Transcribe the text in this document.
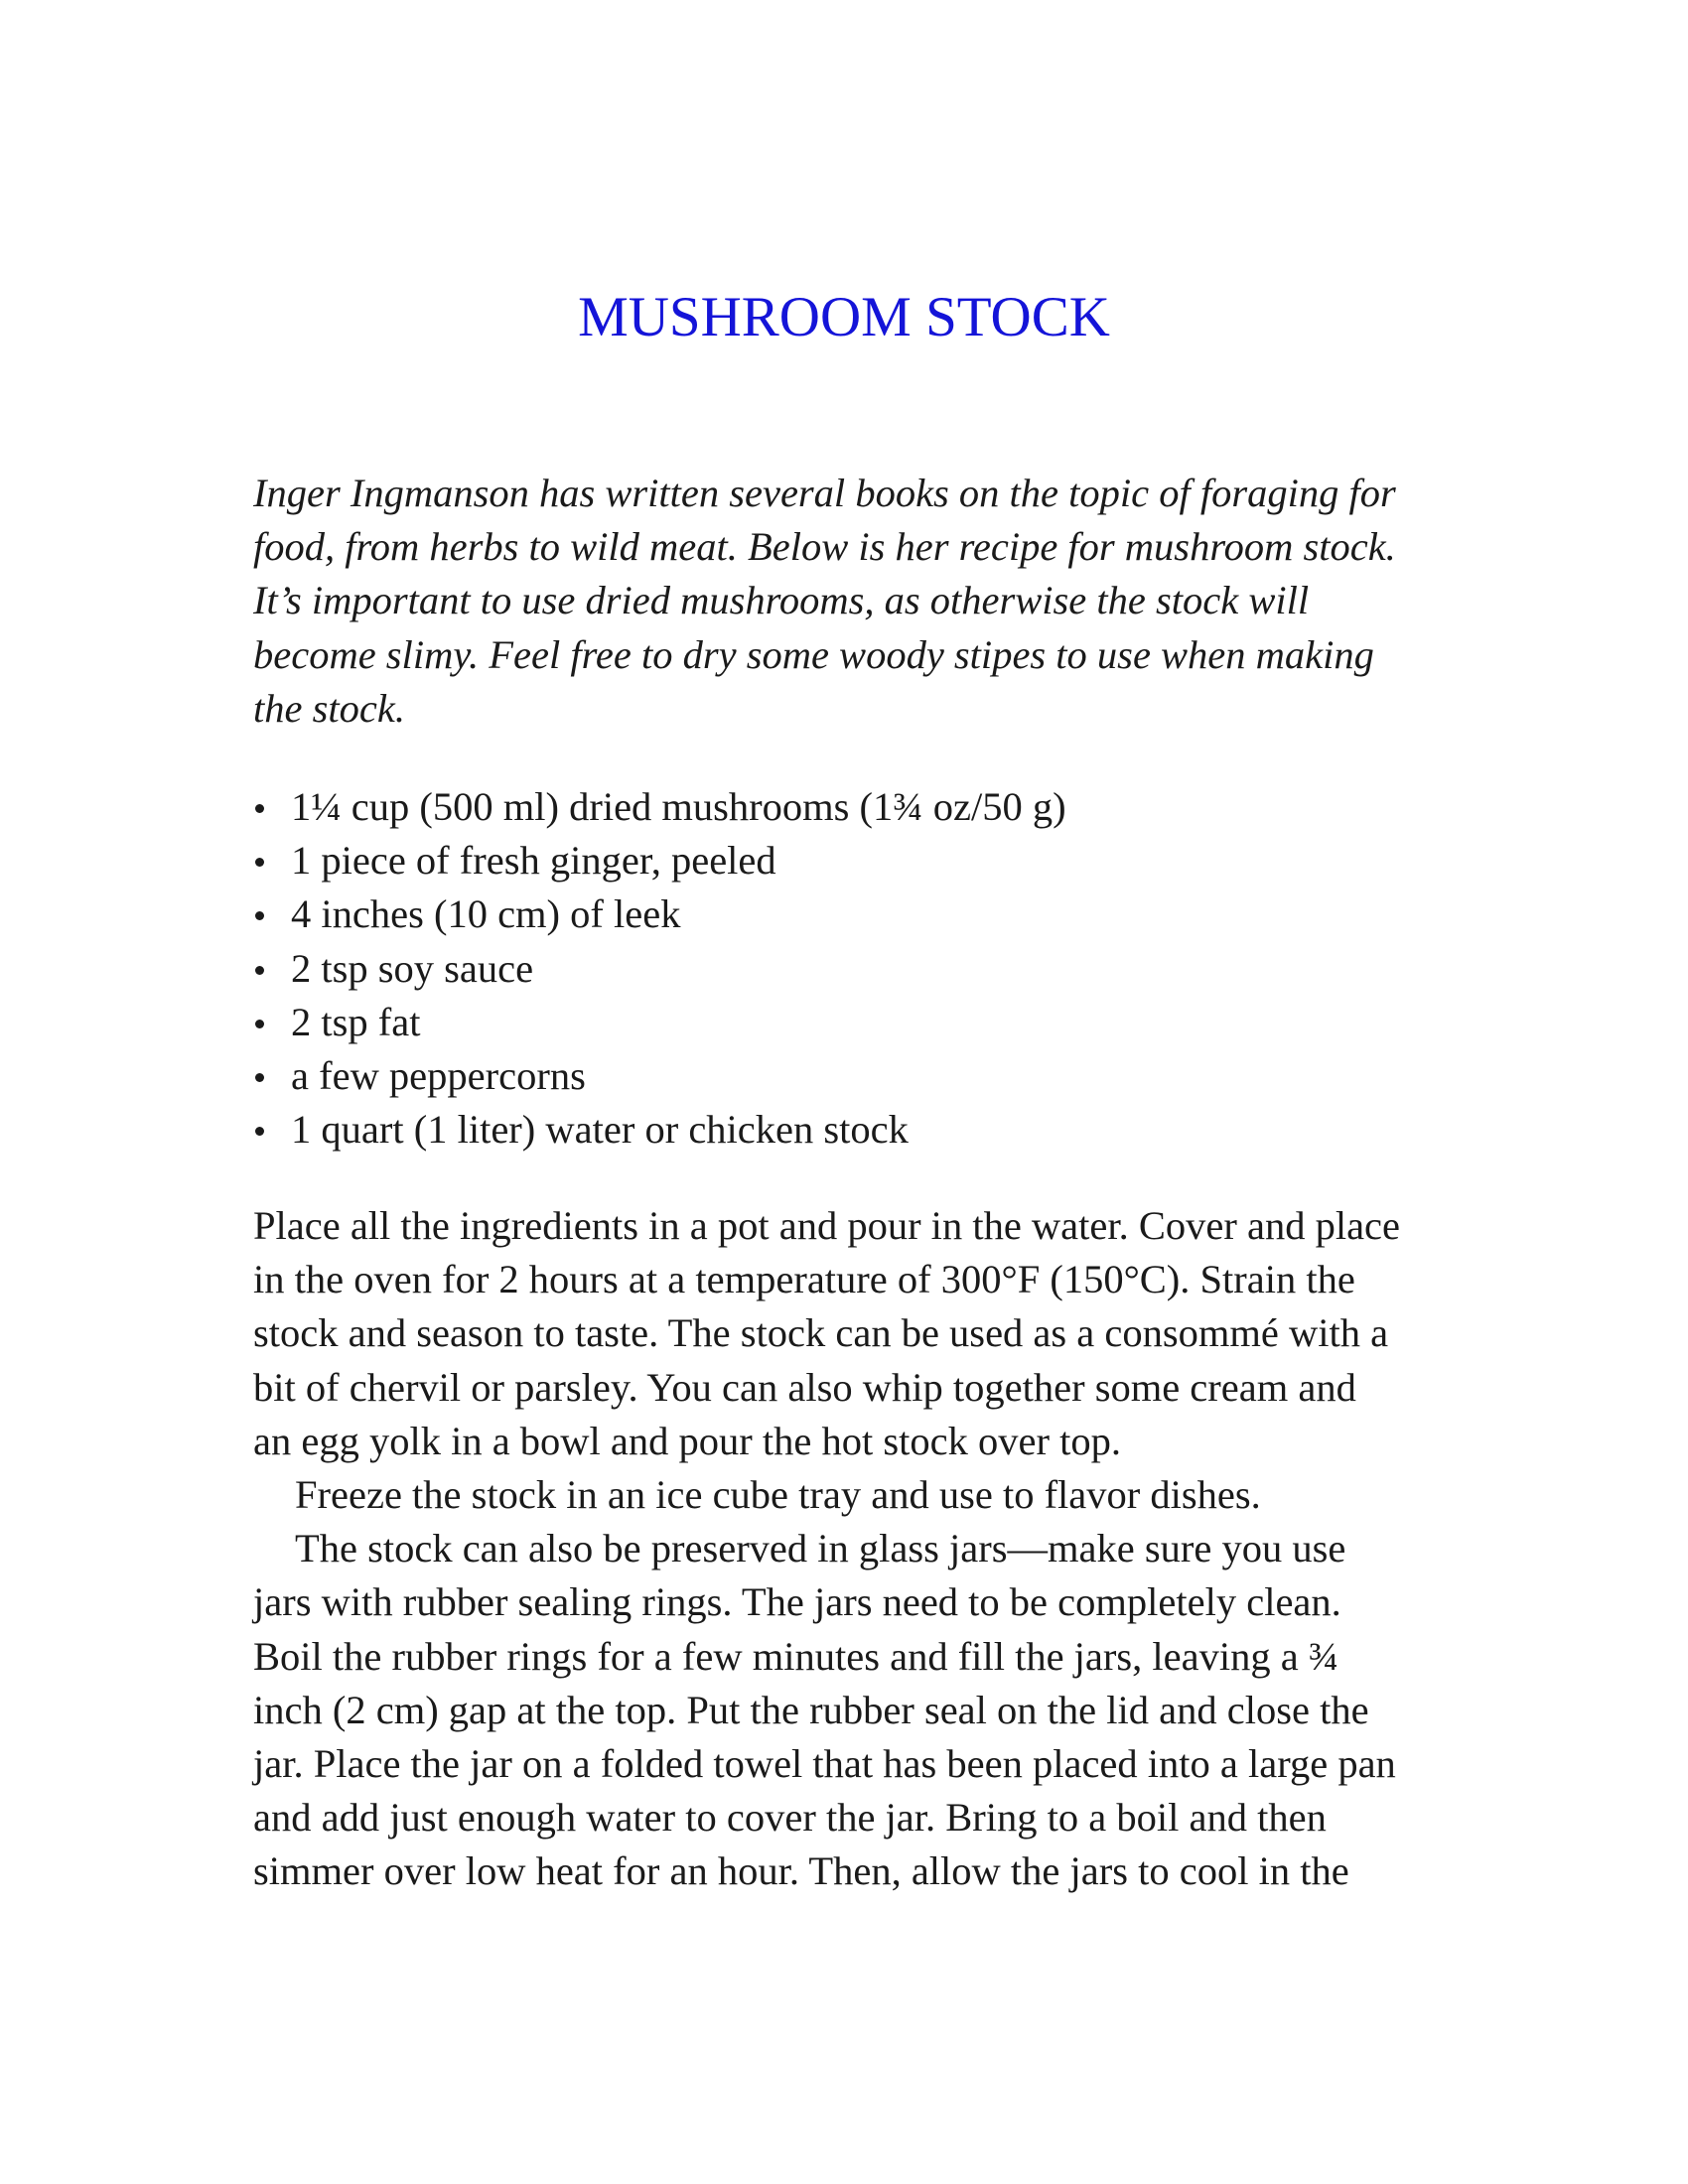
MUSHROOM STOCK

Inger Ingmanson has written several books on the topic of foraging for
food, from herbs to wild meat. Below is her recipe for mushroom stock.
It’s important to use dried mushrooms, as otherwise the stock will
become slimy. Feel free to dry some woody stipes to use when making
the stock.

1¼ cup (500 ml) dried mushrooms (1¾ oz/50 g)
1 piece of fresh ginger, peeled
4 inches (10 cm) of leek
2 tsp soy sauce
2 tsp fat
a few peppercorns
1 quart (1 liter) water or chicken stock
Place all the ingredients in a pot and pour in the water. Cover and place
in the oven for 2 hours at a temperature of 300°F (150°C). Strain the
stock and season to taste. The stock can be used as a consommé with a
bit of chervil or parsley. You can also whip together some cream and
an egg yolk in a bowl and pour the hot stock over top.
Freeze the stock in an ice cube tray and use to flavor dishes.
The stock can also be preserved in glass jars—make sure you use
jars with rubber sealing rings. The jars need to be completely clean.
Boil the rubber rings for a few minutes and fill the jars, leaving a ¾
inch (2 cm) gap at the top. Put the rubber seal on the lid and close the
jar. Place the jar on a folded towel that has been placed into a large pan
and add just enough water to cover the jar. Bring to a boil and then
simmer over low heat for an hour. Then, allow the jars to cool in the
